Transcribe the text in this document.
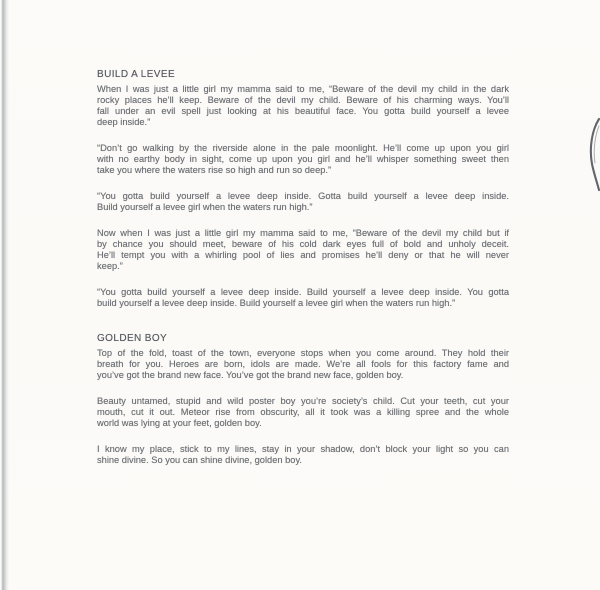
BUILD A LEVEE
When I was just a little girl my mamma said to me, “Beware of the devil my child in the dark
rocky places he’ll keep. Beware of the devil my child. Beware of his charming ways. You’ll
fall under an evil spell just looking at his beautiful face. You gotta build yourself a levee
deep inside.”
“Don’t go walking by the riverside alone in the pale moonlight. He’ll come up upon you girl
with no earthy body in sight, come up upon you girl and he’ll whisper something sweet then
take you where the waters rise so high and run so deep.”
“You gotta build yourself a levee deep inside. Gotta build yourself a levee deep inside.
Build yourself a levee girl when the waters run high.”
Now when I was just a little girl my mamma said to me, “Beware of the devil my child but if
by chance you should meet, beware of his cold dark eyes full of bold and unholy deceit.
He’ll tempt you with a whirling pool of lies and promises he’ll deny or that he will never
keep.”
“You gotta build yourself a levee deep inside. Build yourself a levee deep inside. You gotta
build yourself a levee deep inside. Build yourself a levee girl when the waters run high.”
GOLDEN BOY
Top of the fold, toast of the town, everyone stops when you come around. They hold their
breath for you. Heroes are born, idols are made. We’re all fools for this factory fame and
you’ve got the brand new face. You’ve got the brand new face, golden boy.
Beauty untamed, stupid and wild poster boy you’re society’s child. Cut your teeth, cut your
mouth, cut it out. Meteor rise from obscurity, all it took was a killing spree and the whole
world was lying at your feet, golden boy.
I know my place, stick to my lines, stay in your shadow, don’t block your light so you can
shine divine. So you can shine divine, golden boy.
